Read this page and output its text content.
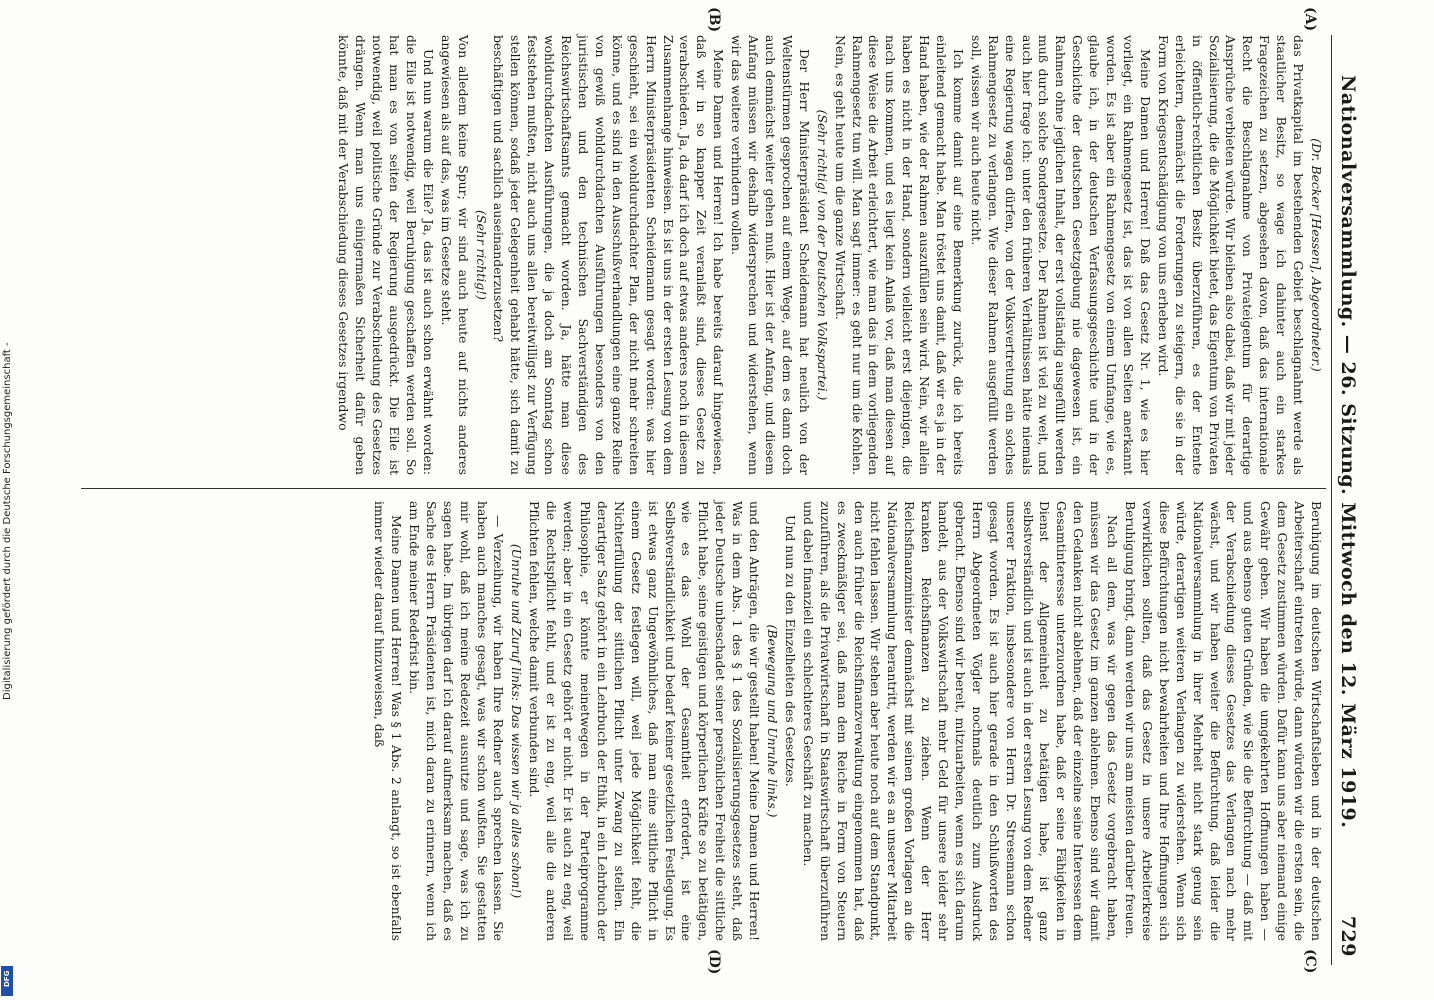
Nationalversammlung. — 26. Sitzung. Mittwoch den 12. März 1919.
729
(A)
(B)
(C)
(D)

(Dr. Becker [Hessen], Abgeordneter.)

das Privatkapital im bestehenden Gebiet beschlagnahmt werde als staatlicher Besitz, so wage ich dahinter auch ein starkes Fragezeichen zu setzen, abgesehen davon, daß das internationale Recht die Beschlagnahme von Privateigentum für derartige Ansprüche verbieten würde. Wir bleiben also dabei, daß wir mit jeder Sozialisierung, die die Möglichkeit bietet, das Eigentum von Privaten in öffentlich-rechtlichen Besitz überzuführen, es der Entente erleichtern, demnächst die Forderungen zu steigern, die sie in der Form von Kriegsentschädigung von uns erheben wird.

Meine Damen und Herren! Daß das Gesetz Nr. 1, wie es hier vorliegt, ein Rahmengesetz ist, das ist von allen Seiten anerkannt worden. Es ist aber ein Rahmengesetz von einem Umfange, wie es, glaube ich, in der deutschen Verfassungsgeschichte und in der Geschichte der deutschen Gesetzgebung nie dagewesen ist, ein Rahmen ohne jeglichen Inhalt, der erst vollständig ausgefüllt werden muß durch solche Sondergesetze. Der Rahmen ist viel zu weit, und auch hier frage ich: unter den früheren Verhältnissen hätte niemals eine Regierung wagen dürfen, von der Volksvertretung ein solches Rahmengesetz zu verlangen. Wie dieser Rahmen ausgefüllt werden soll, wissen wir auch heute nicht.

Ich komme damit auf eine Bemerkung zurück, die ich bereits einleitend gemacht habe. Man tröstet uns damit, daß wir es ja in der Hand haben, wie der Rahmen auszufüllen sein wird. Nein, wir allein haben es nicht in der Hand, sondern vielleicht erst diejenigen, die nach uns kommen, und es liegt kein Anlaß vor, daß man diesen auf diese Weise die Arbeit erleichtert, wie man das in dem vorliegenden Rahmengesetz tun will. Man sagt immer: es geht nur um die Kohlen. Nein, es geht heute um die ganze Wirtschaft.

(Sehr richtig! von der Deutschen Volkspartei.)

Der Herr Ministerpräsident Scheidemann hat neulich von der Weltenstürmen gesprochen auf einem Wege, auf dem es dann doch auch demnächst weiter gehen muß. Hier ist der Anfang, und diesem Anfang müssen wir deshalb widersprechen und widerstehen, wenn wir das weitere verhindern wollen.

Meine Damen und Herren! Ich habe bereits darauf hingewiesen, daß wir in so knapper Zeit veranlaßt sind, dieses Gesetz zu verabschieden. Ja, da darf ich doch auf etwas anderes noch in diesem Zusammenhange hinweisen. Es ist uns in der ersten Lesung von dem Herrn Ministerpräsidenten Scheidemann gesagt worden: was hier geschieht, sei ein wohldurchdachter Plan, der nicht mehr schreiten könne, und es sind in den Ausschußverhandlungen eine ganze Reihe von gewiß wohldurchdachten Ausführungen besonders von den juristischen und den technischen Sachverständigen des Reichswirtschaftsamts gemacht worden. Ja, hätte man diese wohldurchdachten Ausführungen, die ja doch am Sonntag schon feststehen mußten, nicht auch uns allen bereitwilligst zur Verfügung stellen können, sodaß jeder Gelegenheit gehabt hätte, sich damit zu beschäftigen und sachlich auseinanderzusetzen?

(Sehr richtig!)

Von alledem keine Spur; wir sind auch heute auf nichts anderes angewiesen als auf das, was im Gesetze steht.

Und nun warum die Eile? Ja, das ist auch schon erwähnt worden: die Eile ist notwendig, weil Beruhigung geschaffen werden soll. So hat man es von seiten der Regierung ausgedrückt. Die Eile ist notwendig, weil politische Gründe zur Verabschiedung des Gesetzes drängen. Wenn man uns einigermaßen Sicherheit dafür geben könnte, daß mit der Verabschiedung dieses Gesetzes irgendwo

Beruhigung im deutschen Wirtschaftsleben und in der deutschen Arbeiterschaft eintreten würde, dann würden wir die ersten sein, die dem Gesetz zustimmen würden. Dafür kann uns aber niemand einige Gewähr geben. Wir haben die umgekehrten Hoffnungen haben — und aus ebenso guten Gründen, wie Sie die Befürchtung — daß mit der Verabschiedung dieses Gesetzes das Verlangen nach mehr wächst, und wir haben weiter die Befürchtung, daß leider die Nationalversammlung in ihrer Mehrheit nicht stark genug sein würde, derartigen weiteren Verlangen zu widerstehen. Wenn sich diese Befürchtungen nicht bewahrheiten und Ihre Hoffnungen sich verwirklichen sollten, daß das Gesetz in unsere Arbeiterkreise Beruhigung bringt, dann werden wir uns am meisten darüber freuen.

Nach all dem, was wir gegen das Gesetz vorgebracht haben, müssen wir das Gesetz im ganzen ablehnen. Ebenso sind wir damit den Gedanken nicht ablehnen, daß der einzelne seine Interessen dem Gesamtinteresse unterzuordnen habe, daß er seine Fähigkeiten in Dienst der Allgemeinheit zu betätigen habe, ist ganz selbstverständlich und ist auch in der ersten Lesung von dem Redner unserer Fraktion, insbesondere von Herrn Dr. Stresemann schon gesagt worden. Es ist auch hier gerade in den Schlußworten des Herrn Abgeordneten Vögler nochmals deutlich zum Ausdruck gebracht. Ebenso sind wir bereit, mitzuarbeiten, wenn es sich darum handelt, aus der Volkswirtschaft mehr Geld für unsere leider sehr kranken Reichsfinanzen zu ziehen. Wenn der Herr Reichsfinanzminister demnächst mit seinen großen Vorlagen an die Nationalversammlung herantritt, werden wir es an unserer Mitarbeit nicht fehlen lassen. Wir stehen aber heute noch auf dem Standpunkt, den auch früher die Reichsfinanzverwaltung eingenommen hat, daß es zweckmäßiger sei, daß man dem Reiche in Form von Steuern zuzuführen, als die Privatwirtschaft in Staatswirtschaft überzuführen und dabei finanziell ein schlechteres Geschäft zu machen.

Und nun zu den Einzelheiten des Gesetzes.

(Bewegung und Unruhe links.)

und den Anträgen, die wir gestellt haben! Meine Damen und Herren! Was in dem Abs. 1 des § 1 des Sozialisierungsgesetzes steht, daß jeder Deutsche unbeschadet seiner persönlichen Freiheit die sittliche Pflicht habe, seine geistigen und körperlichen Kräfte so zu betätigen, wie es das Wohl der Gesamtheit erfordert, ist eine Selbstverständlichkeit und bedarf keiner gesetzlichen Festlegung. Es ist etwas ganz Ungewöhnliches, daß man eine sittliche Pflicht in einem Gesetz festlegen will, weil jede Möglichkeit fehlt, die Nichterfüllung der sittlichen Pflicht unter Zwang zu stellen. Ein derartiger Satz gehört in ein Lehrbuch der Ethik, in ein Lehrbuch der Philosophie, er könnte meinetwegen in der Parteiprogramme werden; aber in ein Gesetz gehört er nicht. Er ist auch zu eng, weil die Rechtspflicht fehlt, und er ist zu eng, weil alle die anderen Pflichten fehlen, welche damit verbunden sind.

(Unruhe und Zuruf links: Das wissen wir ja alles schon!)

— Verzeihung, wir haben Ihre Redner auch sprechen lassen. Sie haben auch manches gesagt, was wir schon wußten. Sie gestatten mir wohl, daß ich meine Redezeit ausnutze und sage, was ich zu sagen habe. Im übrigen darf ich darauf aufmerksam machen, daß es Sache des Herrn Präsidenten ist, mich daran zu erinnern, wenn ich am Ende meiner Redefrist bin.

Meine Damen und Herren! Was § 1 Abs. 2 anlangt, so ist ebenfalls immer wieder darauf hinzuweisen, daß

Digitalisierung gefördert durch die Deutsche Forschungsgemeinschaft -
DFG
